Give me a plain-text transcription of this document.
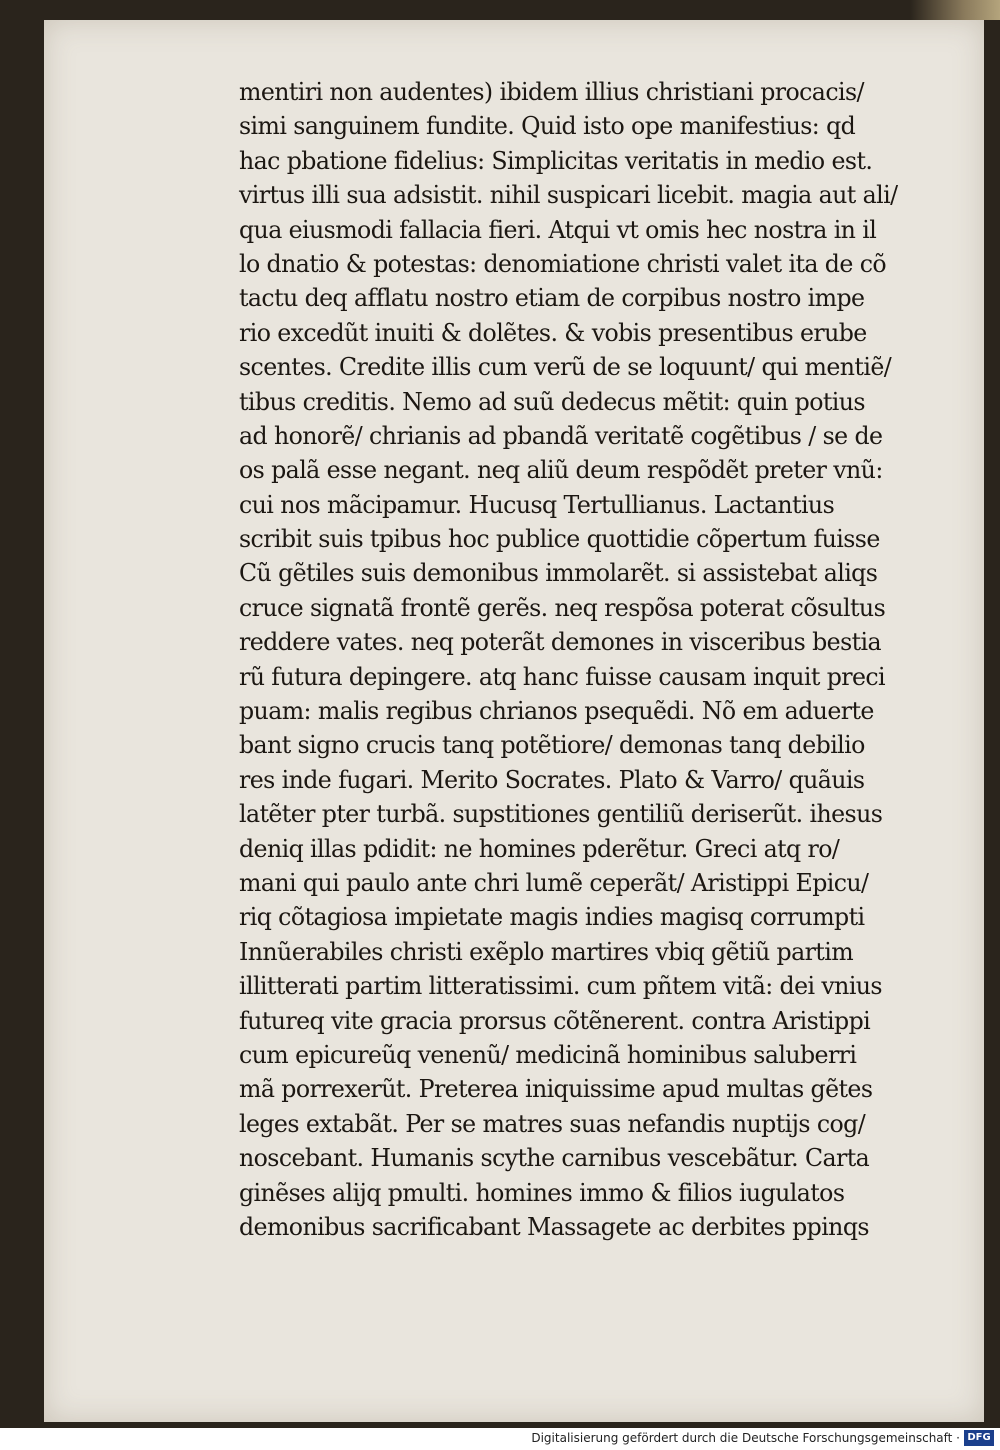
mentiri non audentes) ibidem illius christiani procacis/
simi sanguinem fundite. Quid isto ope manifestius: qd
hac pbatione fidelius: Simplicitas veritatis in medio est.
virtus illi sua adsistit. nihil suspicari licebit. magia aut ali/
qua eiusmodi fallacia fieri. Atqui vt omis hec nostra in il
lo dnatio & potestas: denomiatione christi valet ita de cõ
tactu deq afflatu nostro etiam de corpibus nostro impe
rio excedũt inuiti & dolẽtes. & vobis presentibus erube
scentes. Credite illis cum verũ de se loquunt/ qui mentiẽ/
tibus creditis. Nemo ad suũ dedecus mẽtit: quin potius
ad honorẽ/ chrianis ad pbandã veritatẽ cogẽtibus / se de
os palã esse negant. neq aliũ deum respõdẽt preter vnũ:
cui nos mãcipamur. Hucusq Tertullianus. Lactantius
scribit suis tpibus hoc publice quottidie cõpertum fuisse
Cũ gẽtiles suis demonibus immolarẽt. si assistebat aliqs
cruce signatã frontẽ gerẽs. neq respõsa poterat cõsultus
reddere vates. neq poterãt demones in visceribus bestia
rũ futura depingere. atq hanc fuisse causam inquit preci
puam: malis regibus chrianos psequẽdi. Nõ em aduerte
bant signo crucis tanq potẽtiore/ demonas tanq debilio
res inde fugari. Merito Socrates. Plato & Varro/ quãuis
latẽter pter turbã. supstitiones gentiliũ deriserũt. ihesus
deniq illas pdidit: ne homines pderẽtur. Greci atq ro/
mani qui paulo ante chri lumẽ ceperãt/ Aristippi Epicu/
riq cõtagiosa impietate magis indies magisq corrumpti
Innũerabiles christi exẽplo martires vbiq gẽtiũ partim
illitterati partim litteratissimi. cum pñtem vitã: dei vnius
futureq vite gracia prorsus cõtẽnerent. contra Aristippi
cum epicureũq venenũ/ medicinã hominibus saluberri
mã porrexerũt. Preterea iniquissime apud multas gẽtes
leges extabãt. Per se matres suas nefandis nuptijs cog/
noscebant. Humanis scythe carnibus vescebãtur. Carta
ginẽses alijq pmulti. homines immo & filios iugulatos
demonibus sacrificabant Massagete ac derbites ppinqs
Digitalisierung gefördert durch die Deutsche Forschungsgemeinschaft · DFG
